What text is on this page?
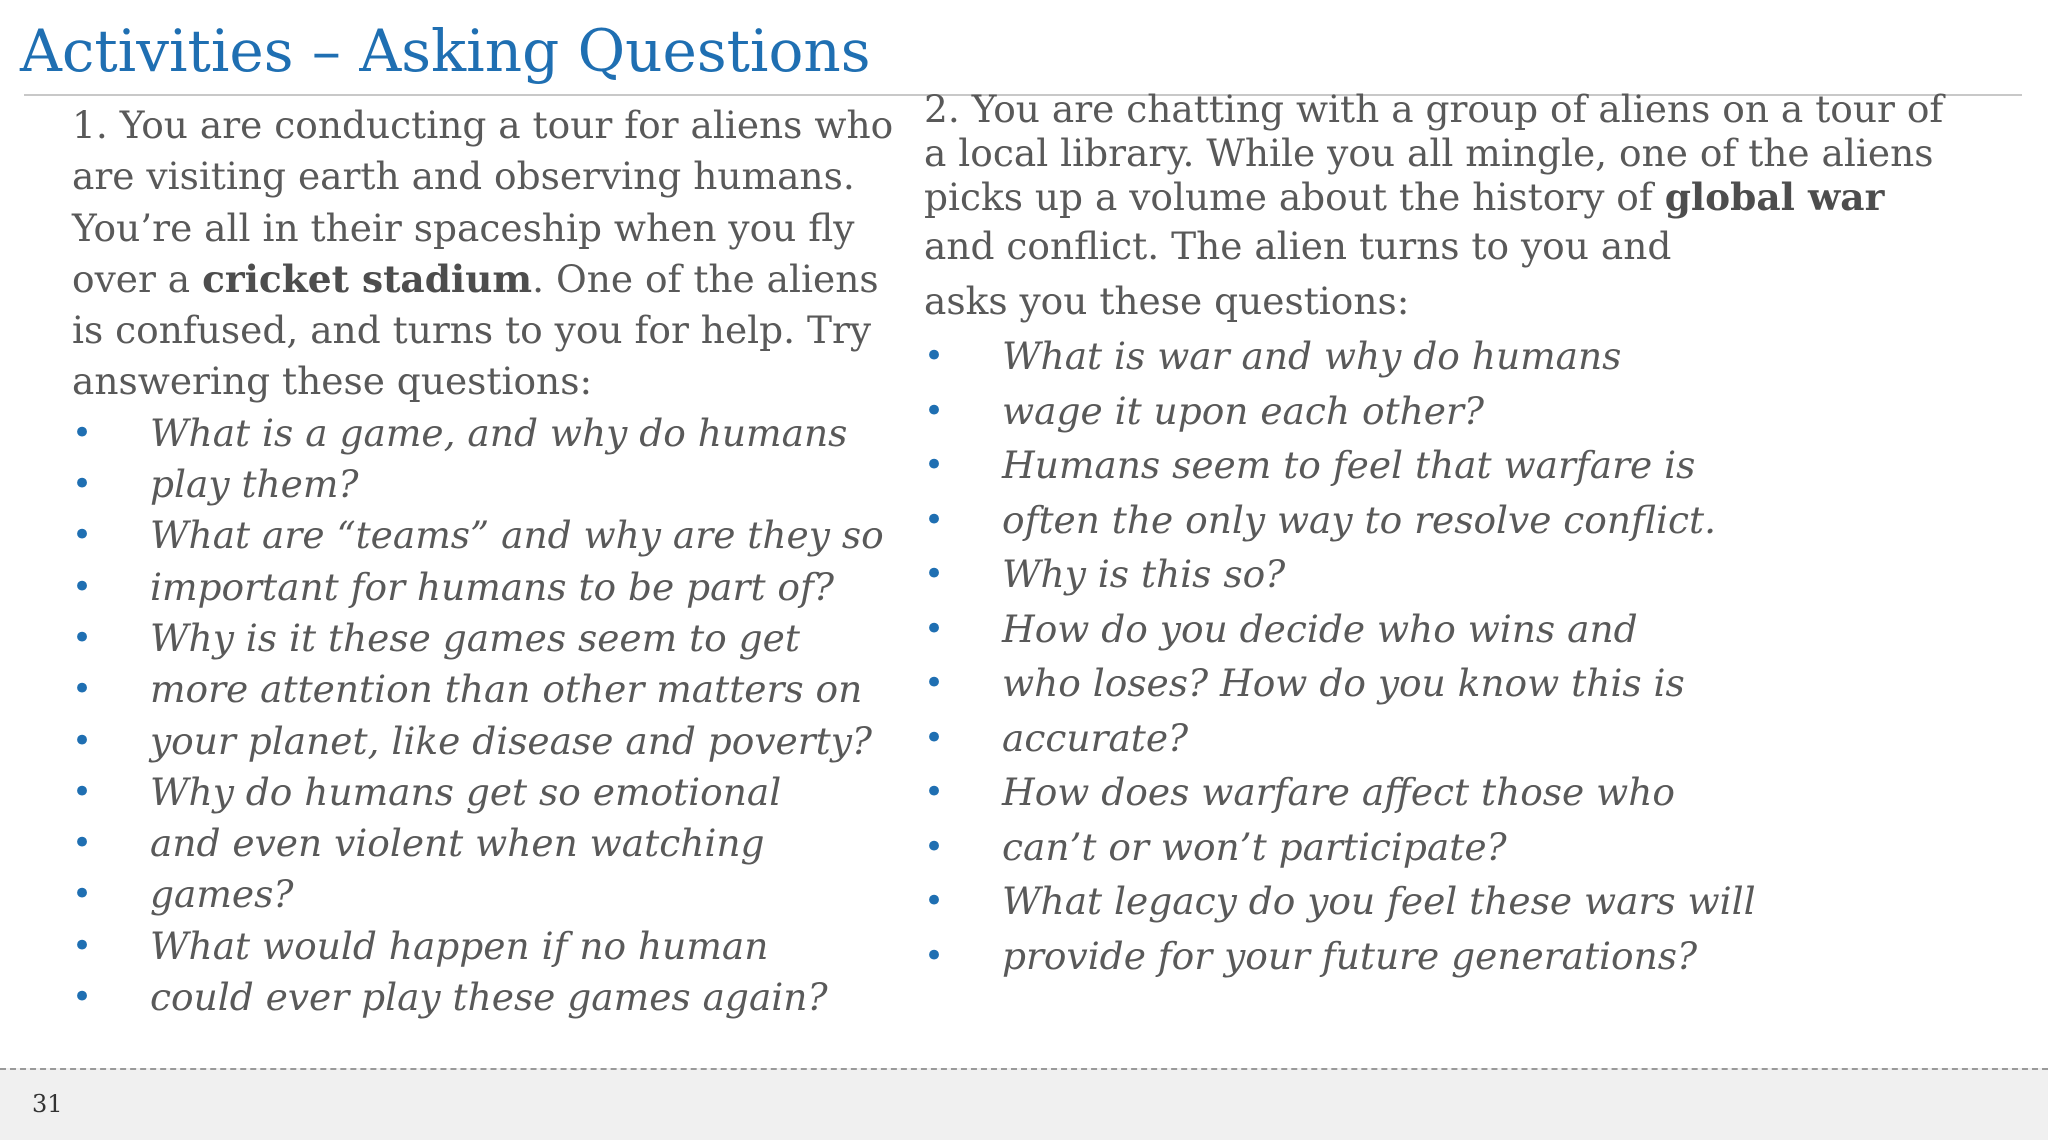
Activities – Asking Questions

1. You are conducting a tour for aliens who
are visiting earth and observing humans.
You’re all in their spaceship when you fly
over a cricket stadium. One of the aliens
is confused, and turns to you for help. Try
answering these questions:

• What is a game, and why do humans
• play them?
• What are “teams” and why are they so
• important for humans to be part of?
• Why is it these games seem to get
• more attention than other matters on
• your planet, like disease and poverty?
• Why do humans get so emotional
• and even violent when watching
• games?
• What would happen if no human
• could ever play these games again?

2. You are chatting with a group of aliens on a tour of
a local library. While you all mingle, one of the aliens
picks up a volume about the history of global war
and conflict. The alien turns to you and
asks you these questions:

• What is war and why do humans
• wage it upon each other?
• Humans seem to feel that warfare is
• often the only way to resolve conflict.
• Why is this so?
• How do you decide who wins and
• who loses? How do you know this is
• accurate?
• How does warfare affect those who
• can’t or won’t participate?
• What legacy do you feel these wars will
• provide for your future generations?
31
